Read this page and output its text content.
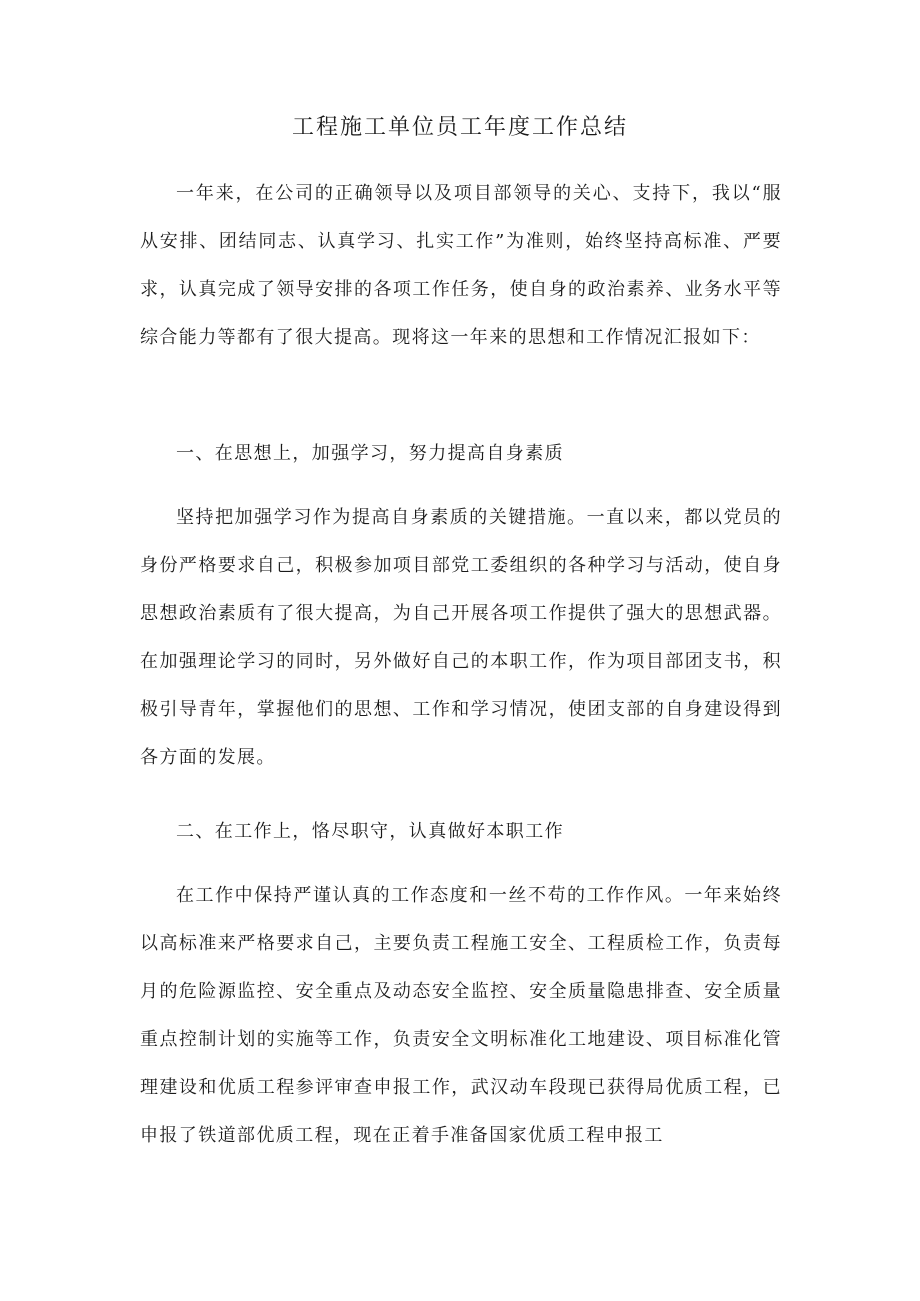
工程施工单位员工年度工作总结
一年来，在公司的正确领导以及项目部领导的关心、支持下，我以“服从安排、团结同志、认真学习、扎实工作”为准则，始终坚持高标准、严要求，认真完成了领导安排的各项工作任务，使自身的政治素养、业务水平等综合能力等都有了很大提高。现将这一年来的思想和工作情况汇报如下：
一、在思想上，加强学习，努力提高自身素质
坚持把加强学习作为提高自身素质的关键措施。一直以来，都以党员的身份严格要求自己，积极参加项目部党工委组织的各种学习与活动，使自身思想政治素质有了很大提高，为自己开展各项工作提供了强大的思想武器。在加强理论学习的同时，另外做好自己的本职工作，作为项目部团支书，积极引导青年，掌握他们的思想、工作和学习情况，使团支部的自身建设得到各方面的发展。
二、在工作上，恪尽职守，认真做好本职工作
在工作中保持严谨认真的工作态度和一丝不苟的工作作风。一年来始终以高标准来严格要求自己，主要负责工程施工安全、工程质检工作，负责每月的危险源监控、安全重点及动态安全监控、安全质量隐患排查、安全质量重点控制计划的实施等工作，负责安全文明标准化工地建设、项目标准化管理建设和优质工程参评审查申报工作，武汉动车段现已获得局优质工程，已申报了铁道部优质工程，现在正着手准备国家优质工程申报工
